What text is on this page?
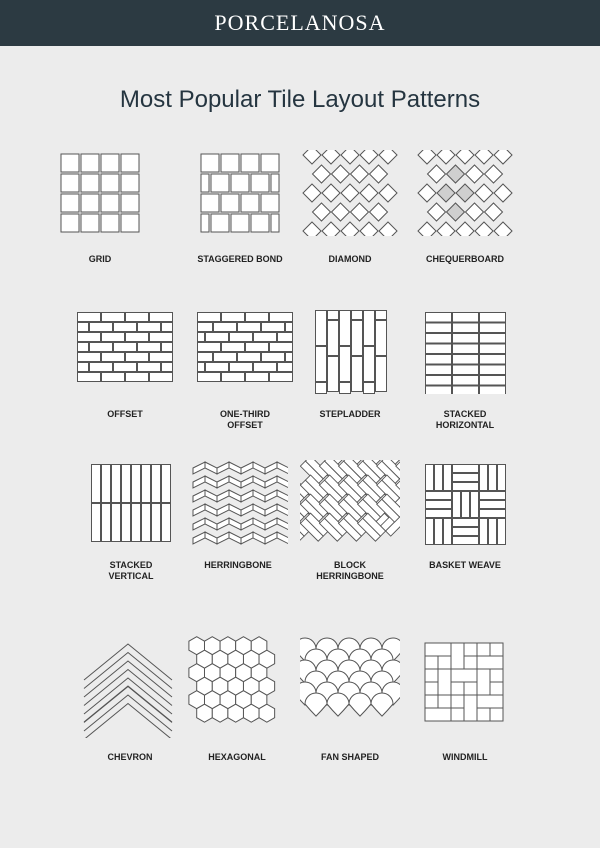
PORCELANOSA
Most Popular Tile Layout Patterns
GRID	STAGGERED BOND	DIAMOND	CHEQUERBOARD
OFFSET	ONE-THIRD
OFFSET
STEPLADDER	STACKED
HORIZONTAL
STACKED
VERTICAL
HERRINGBONE	BLOCK
HERRINGBONE
BASKET WEAVE
CHEVRON	HEXAGONAL	FAN SHAPED	WINDMILL
